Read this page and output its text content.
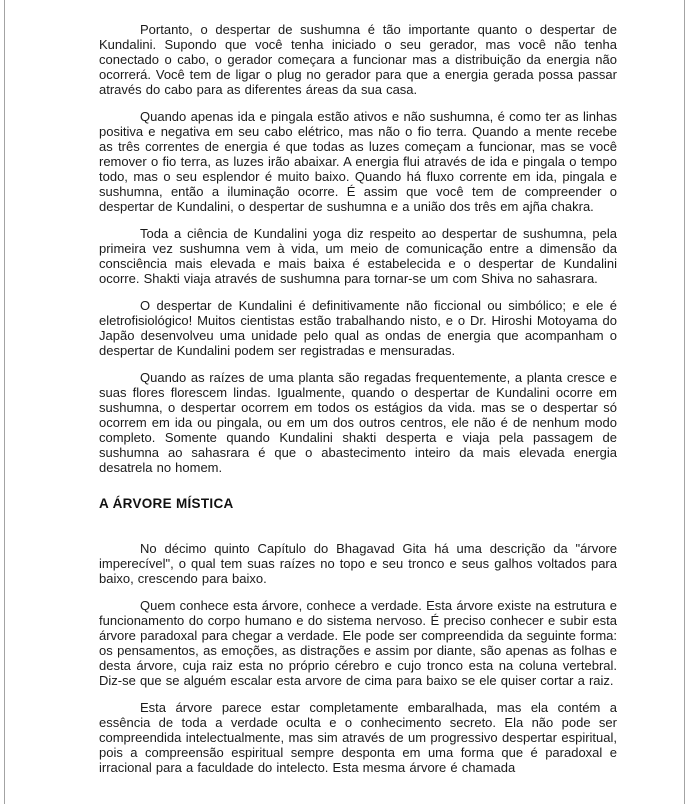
Portanto, o despertar de sushumna é tão importante quanto o despertar de Kundalini. Supondo que você tenha iniciado o seu gerador, mas você não tenha conectado o cabo, o gerador começara a funcionar mas a distribuição da energia não ocorrerá. Você tem de ligar o plug no gerador para que a energia gerada possa passar através do cabo para as diferentes áreas da sua casa.

Quando apenas ida e pingala estão ativos e não sushumna, é como ter as linhas positiva e negativa em seu cabo elétrico, mas não o fio terra. Quando a mente recebe as três correntes de energia é que todas as luzes começam a funcionar, mas se você remover o fio terra, as luzes irão abaixar. A energia flui através de ida e pingala o tempo todo, mas o seu esplendor é muito baixo. Quando há fluxo corrente em ida, pingala e sushumna, então a iluminação ocorre. É assim que você tem de compreender o despertar de Kundalini, o despertar de sushumna e a união dos três em ajña chakra.

Toda a ciência de Kundalini yoga diz respeito ao despertar de sushumna, pela primeira vez sushumna vem à vida, um meio de comunicação entre a dimensão da consciência mais elevada e mais baixa é estabelecida e o despertar de Kundalini ocorre. Shakti viaja através de sushumna para tornar-se um com Shiva no sahasrara.

O despertar de Kundalini é definitivamente não ficcional ou simbólico; e ele é eletrofisiológico! Muitos cientistas estão trabalhando nisto, e o Dr. Hiroshi Motoyama do Japão desenvolveu uma unidade pelo qual as ondas de energia que acompanham o despertar de Kundalini podem ser registradas e mensuradas.

Quando as raízes de uma planta são regadas frequentemente, a planta cresce e suas flores florescem lindas. Igualmente, quando o despertar de Kundalini ocorre em sushumna, o despertar ocorrem em todos os estágios da vida. mas se o despertar só ocorrem em ida ou pingala, ou em um dos outros centros, ele não é de nenhum modo completo. Somente quando Kundalini shakti desperta e viaja pela passagem de sushumna ao sahasrara é que o abastecimento inteiro da mais elevada energia desatrela no homem.

A ÁRVORE MÍSTICA

No décimo quinto Capítulo do Bhagavad Gita há uma descrição da "árvore imperecível", o qual tem suas raízes no topo e seu tronco e seus galhos voltados para baixo, crescendo para baixo.

Quem conhece esta árvore, conhece a verdade. Esta árvore existe na estrutura e funcionamento do corpo humano e do sistema nervoso. É preciso conhecer e subir esta árvore paradoxal para chegar a verdade. Ele pode ser compreendida da seguinte forma: os pensamentos, as emoções, as distrações e assim por diante, são apenas as folhas e desta árvore, cuja raiz esta no próprio cérebro e cujo tronco esta na coluna vertebral. Diz-se que se alguém escalar esta arvore de cima para baixo se ele quiser cortar a raiz.

Esta árvore parece estar completamente embaralhada, mas ela contém a essência de toda a verdade oculta e o conhecimento secreto. Ela não pode ser compreendida intelectualmente, mas sim através de um progressivo despertar espiritual, pois a compreensão espiritual sempre desponta em uma forma que é paradoxal e irracional para a faculdade do intelecto. Esta mesma árvore é chamada
